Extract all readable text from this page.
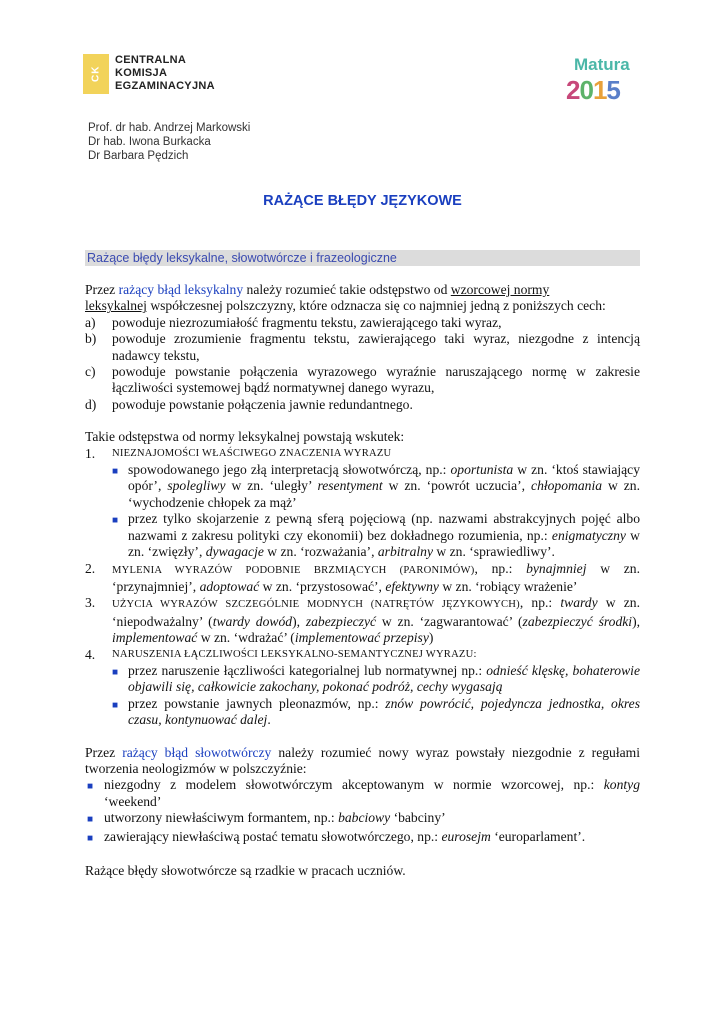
CK
CENTRALNA
KOMISJA
EGZAMINACYJNA
Matura
2 0 1 5
Prof. dr hab. Andrzej Markowski
Dr hab. Iwona Burkacka
Dr Barbara Pędzich
RAŻĄCE BŁĘDY JĘZYKOWE
Rażące błędy leksykalne, słowotwórcze i frazeologiczne

Przez rażący błąd leksykalny należy rozumieć takie odstępstwo od wzorcowej normy
leksykalnej współczesnej polszczyzny, które odznacza się co najmniej jedną z poniższych cech:

a)	powoduje niezrozumiałość fragmentu tekstu, zawierającego taki wyraz,
b)	powoduje zrozumienie fragmentu tekstu, zawierającego taki wyraz, niezgodne z intencją nadawcy tekstu,
c)	powoduje powstanie połączenia wyrazowego wyraźnie naruszającego normę w zakresie łączliwości systemowej bądź normatywnej danego wyrazu,
d)	powoduje powstanie połączenia jawnie redundantnego.

Takie odstępstwa od normy leksykalnej powstają wskutek:

1.	NIEZNAJOMOŚCI WŁAŚCIWEGO ZNACZENIA WYRAZU
■ spowodowanego jego złą interpretacją słowotwórczą, np.: oportunista w zn. ‘ktoś stawiający opór’, spolegliwy w zn. ‘uległy’ resentyment w zn. ‘powrót uczucia’, chłopomania w zn. ‘wychodzenie chłopek za mąż’
■ przez tylko skojarzenie z pewną sferą pojęciową (np. nazwami abstrakcyjnych pojęć albo nazwami z zakresu polityki czy ekonomii) bez dokładnego rozumienia, np.: enigmatyczny w zn. ‘zwięzły’, dywagacje w zn. ‘rozważania’, arbitralny w zn. ‘sprawiedliwy’.
2.	MYLENIA WYRAZÓW PODOBNIE BRZMIĄCYCH (PARONIMÓW), np.: bynajmniej w zn. ‘przynajmniej’, adoptować w zn. ‘przystosować’, efektywny w zn. ‘robiący wrażenie’
3.	UŻYCIA WYRAZÓW SZCZEGÓLNIE MODNYCH (NATRĘTÓW JĘZYKOWYCH), np.: twardy w zn. ‘niepodważalny’ (twardy dowód), zabezpieczyć w zn. ‘zagwarantować’ (zabezpieczyć środki), implementować w zn. ‘wdrażać’ (implementować przepisy)
4.	NARUSZENIA ŁĄCZLIWOŚCI LEKSYKALNO-SEMANTYCZNEJ WYRAZU:
■ przez naruszenie łączliwości kategorialnej lub normatywnej np.: odnieść klęskę, bohaterowie objawili się, całkowicie zakochany, pokonać podróż, cechy wygasają
■ przez powstanie jawnych pleonazmów, np.: znów powrócić, pojedyncza jednostka, okres czasu, kontynuować dalej.

Przez rażący błąd słowotwórczy należy rozumieć nowy wyraz powstały niezgodnie z regułami tworzenia neologizmów w polszczyźnie:

■ niezgodny z modelem słowotwórczym akceptowanym w normie wzorcowej, np.: kontyg ‘weekend’
■ utworzony niewłaściwym formantem, np.: babciowy ‘babciny’
■ zawierający niewłaściwą postać tematu słowotwórczego, np.: eurosejm ‘europarlament’.

Rażące błędy słowotwórcze są rzadkie w pracach uczniów.
